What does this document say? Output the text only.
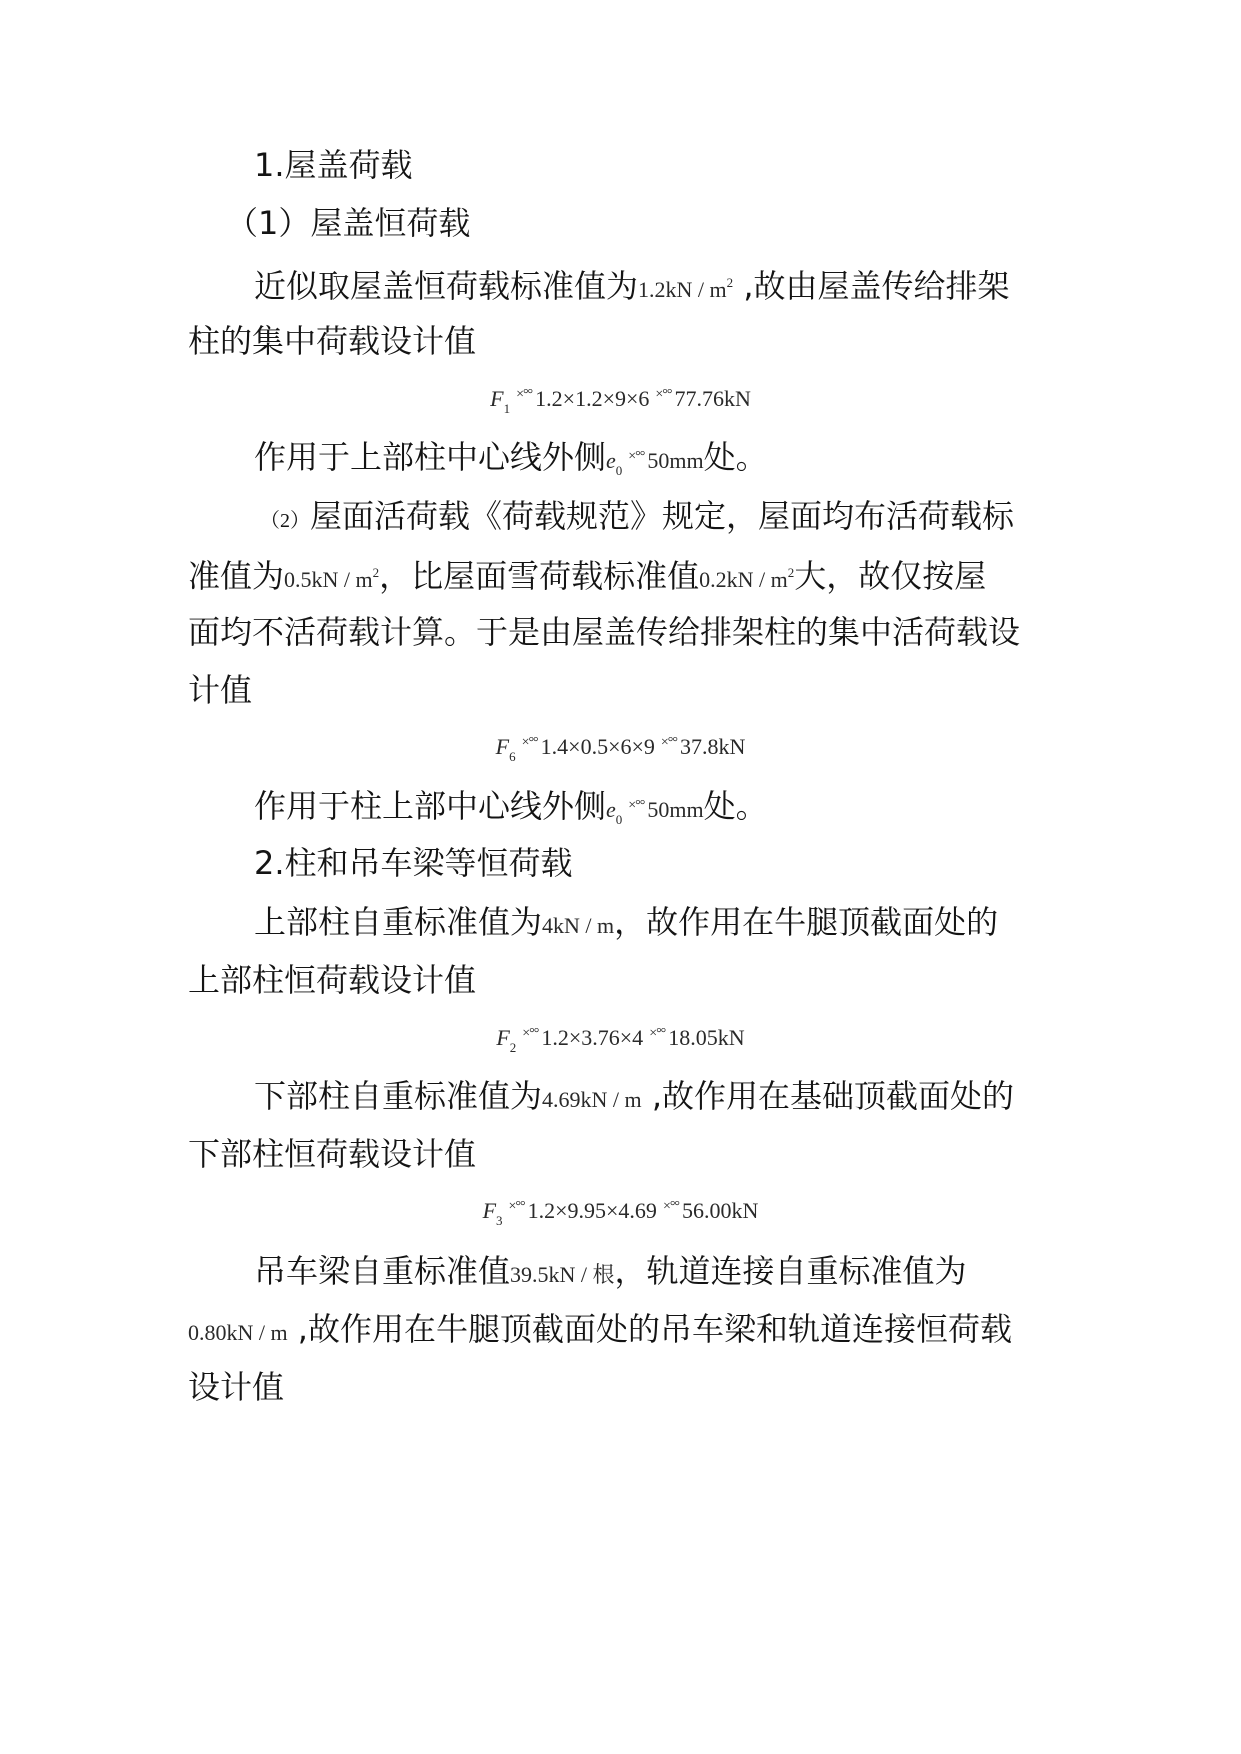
1.屋盖荷载
（1）屋盖恒荷载
近似取屋盖恒荷载标准值为$1.2kN / m^2$ ,故由屋盖传给排架
柱的集中荷载设计值
$F_1^{\times^\circ^\circ}$ 1.2×1.2×9×6 ×°° 77.76kN
作用于上部柱中心线外侧$e_0^{\times^\circ^\circ}$ 50mm处。
（2）屋面活荷载《荷载规范》规定，屋面均布活荷载标
准值为$0.5kN / m^2$，比屋面雪荷载标准值$0.2kN / m^2$大，故仅按屋
面均不活荷载计算。于是由屋盖传给排架柱的集中活荷载设
计值
$F_6^{\times^\circ^\circ}$ 1.4×0.5×6×9 ×°° 37.8kN
作用于柱上部中心线外侧$e_0^{\times^\circ^\circ}$ 50mm处。
2.柱和吊车梁等恒荷载
上部柱自重标准值为4kN / m，故作用在牛腿顶截面处的
上部柱恒荷载设计值
$F_2^{\times^\circ^\circ}$ 1.2×3.76×4 ×°° 18.05kN
下部柱自重标准值为4.69kN / m ,故作用在基础顶截面处的
下部柱恒荷载设计值
$F_3^{\times^\circ^\circ}$ 1.2×9.95×4.69 ×°° 56.00kN
吊车梁自重标准值39.5kN / 根，轨道连接自重标准值为
0.80kN / m ,故作用在牛腿顶截面处的吊车梁和轨道连接恒荷载
设计值
